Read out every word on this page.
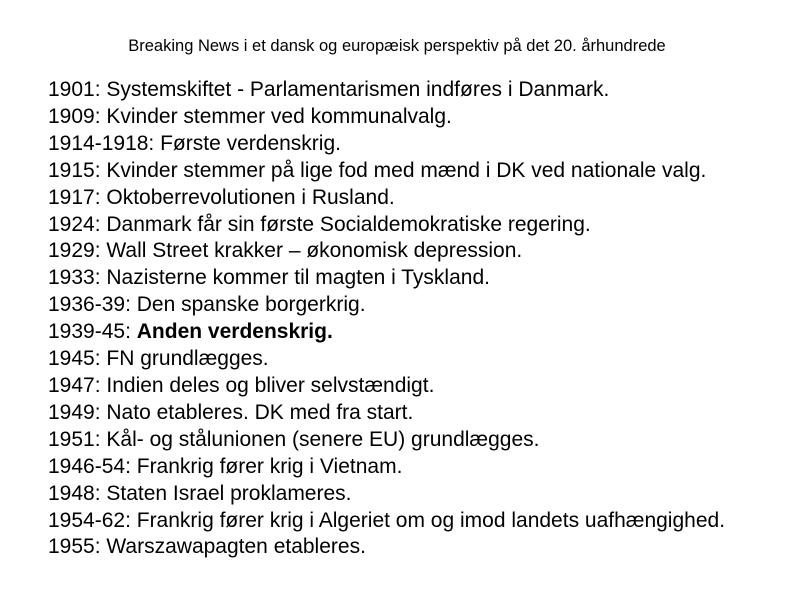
Breaking News i et dansk og europæisk perspektiv på det 20. århundrede
1901: Systemskiftet - Parlamentarismen indføres i Danmark.
1909: Kvinder stemmer ved kommunalvalg.
1914-1918: Første verdenskrig.
1915: Kvinder stemmer på lige fod med mænd i DK ved nationale valg.
1917: Oktoberrevolutionen i Rusland.
1924: Danmark får sin første Socialdemokratiske regering.
1929: Wall Street krakker – økonomisk depression.
1933: Nazisterne kommer til magten i Tyskland.
1936-39: Den spanske borgerkrig.
1939-45: Anden verdenskrig.
1945: FN grundlægges.
1947: Indien deles og bliver selvstændigt.
1949: Nato etableres. DK med fra start.
1951: Kål- og stålunionen (senere EU) grundlægges.
1946-54: Frankrig fører krig i Vietnam.
1948: Staten Israel proklameres.
1954-62: Frankrig fører krig i Algeriet om og imod landets uafhængighed.
1955: Warszawapagten etableres.
